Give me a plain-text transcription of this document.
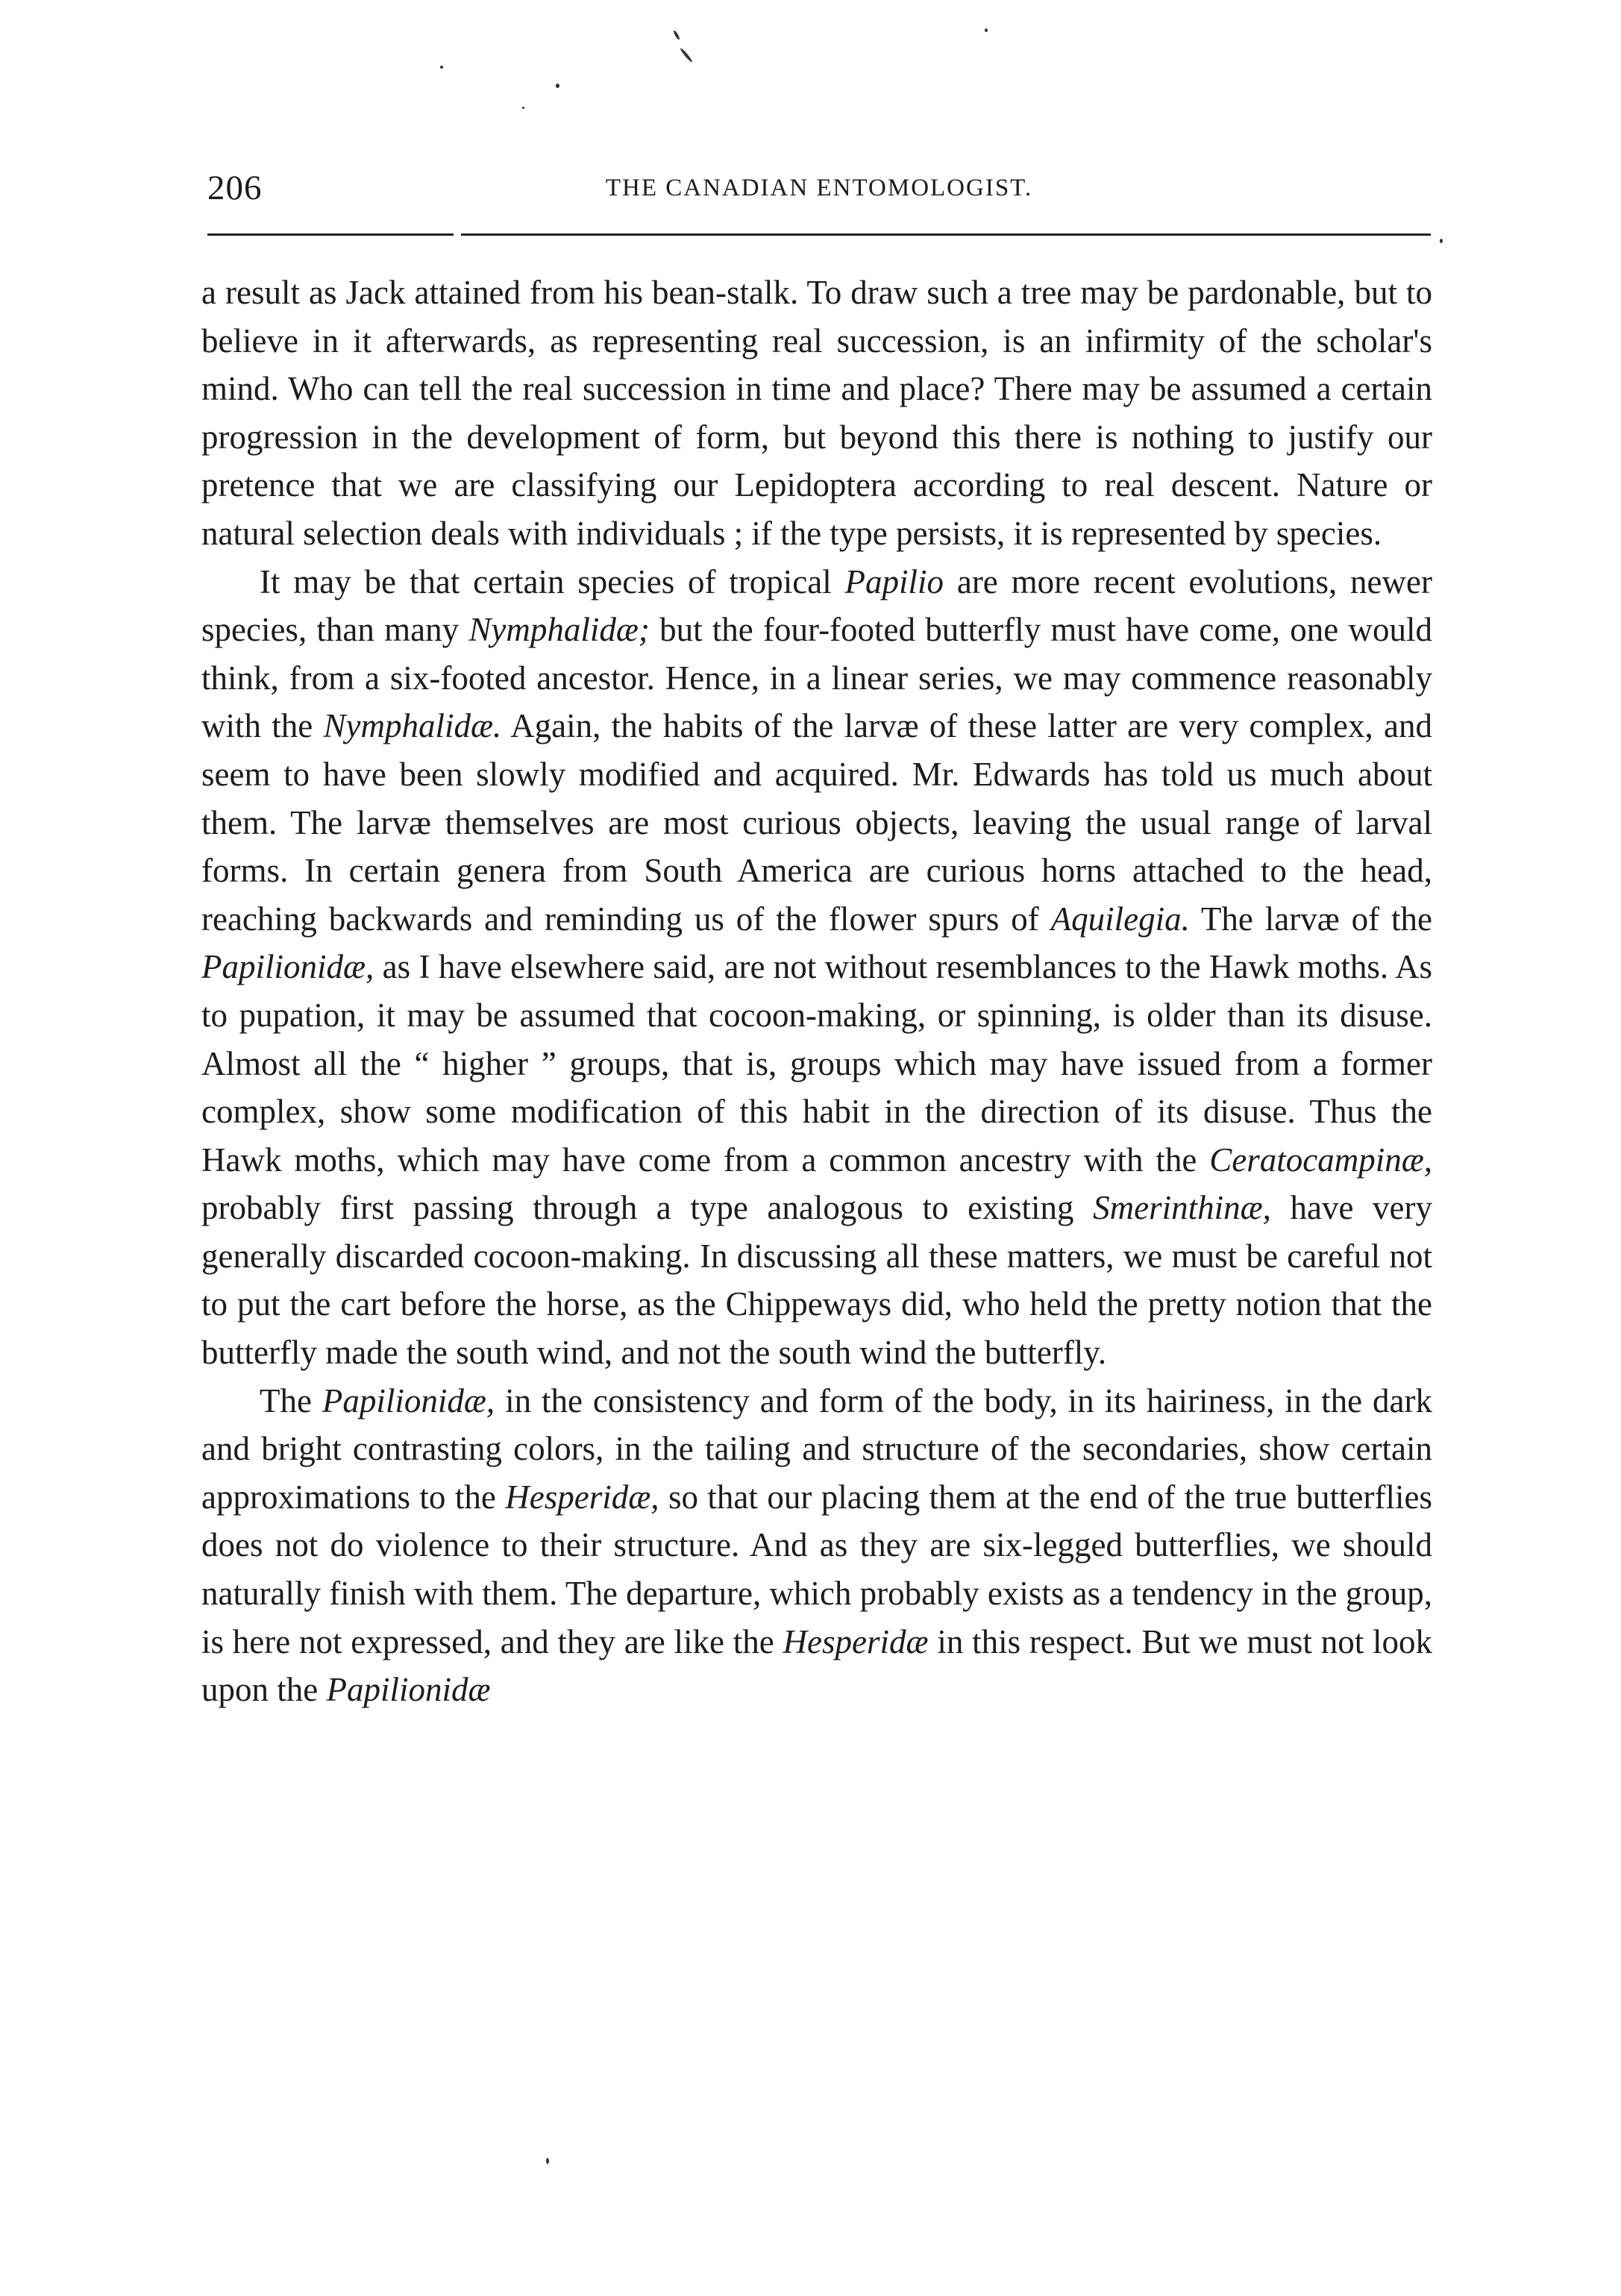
206	THE CANADIAN ENTOMOLOGIST.

a result as Jack attained from his bean-stalk. To draw such a tree may be pardonable, but to believe in it afterwards, as representing real succession, is an infirmity of the scholar's mind. Who can tell the real succession in time and place? There may be assumed a certain progression in the development of form, but beyond this there is nothing to justify our pretence that we are classifying our Lepidoptera according to real descent. Nature or natural selection deals with individuals ; if the type persists, it is represented by species.

It may be that certain species of tropical Papilio are more recent evolutions, newer species, than many Nymphalidæ; but the four-footed butterfly must have come, one would think, from a six-footed ancestor. Hence, in a linear series, we may commence reasonably with the Nymphalidæ. Again, the habits of the larvæ of these latter are very complex, and seem to have been slowly modified and acquired. Mr. Edwards has told us much about them. The larvæ themselves are most curious objects, leaving the usual range of larval forms. In certain genera from South America are curious horns attached to the head, reaching backwards and reminding us of the flower spurs of Aquilegia. The larvæ of the Papilionidæ, as I have elsewhere said, are not without resemblances to the Hawk moths. As to pupation, it may be assumed that cocoon-making, or spinning, is older than its disuse. Almost all the “ higher ” groups, that is, groups which may have issued from a former complex, show some modification of this habit in the direction of its disuse. Thus the Hawk moths, which may have come from a common ancestry with the Ceratocampinæ, probably first passing through a type analogous to existing Smerinthinæ, have very generally discarded cocoon-making. In discussing all these matters, we must be careful not to put the cart before the horse, as the Chippeways did, who held the pretty notion that the butterfly made the south wind, and not the south wind the butterfly.

The Papilionidæ, in the consistency and form of the body, in its hairiness, in the dark and bright contrasting colors, in the tailing and structure of the secondaries, show certain approximations to the Hesperidæ, so that our placing them at the end of the true butterflies does not do violence to their structure. And as they are six-legged butterflies, we should naturally finish with them. The departure, which probably exists as a tendency in the group, is here not expressed, and they are like the Hesperidæ in this respect. But we must not look upon the Papilionidæ
